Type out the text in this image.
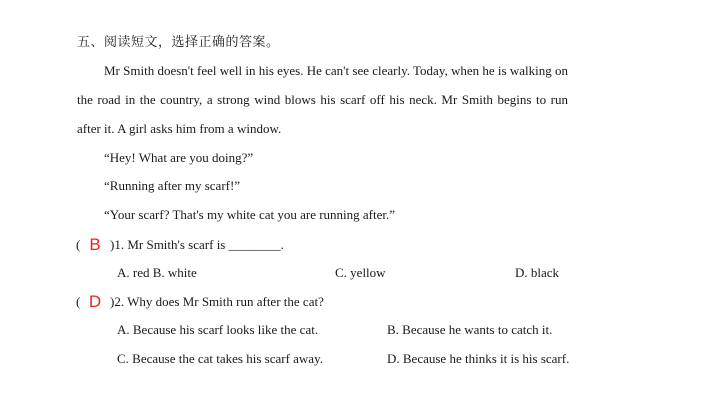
五、阅读短文，选择正确的答案。
Mr Smith doesn't feel well in his eyes. He can't see clearly. Today, when he is walking on
the road in the country, a strong wind blows his scarf off his neck. Mr Smith begins to run
after it. A girl asks him from a window.
“Hey! What are you doing?”
“Running after my scarf!”
“Your scarf? That's my white cat you are running after.”
( B )1. Mr Smith's scarf is ________.
A. red B. white	C. yellow	D. black
( D )2. Why does Mr Smith run after the cat?
A. Because his scarf looks like the cat.	B. Because he wants to catch it.
C. Because the cat takes his scarf away.	D. Because he thinks it is his scarf.
